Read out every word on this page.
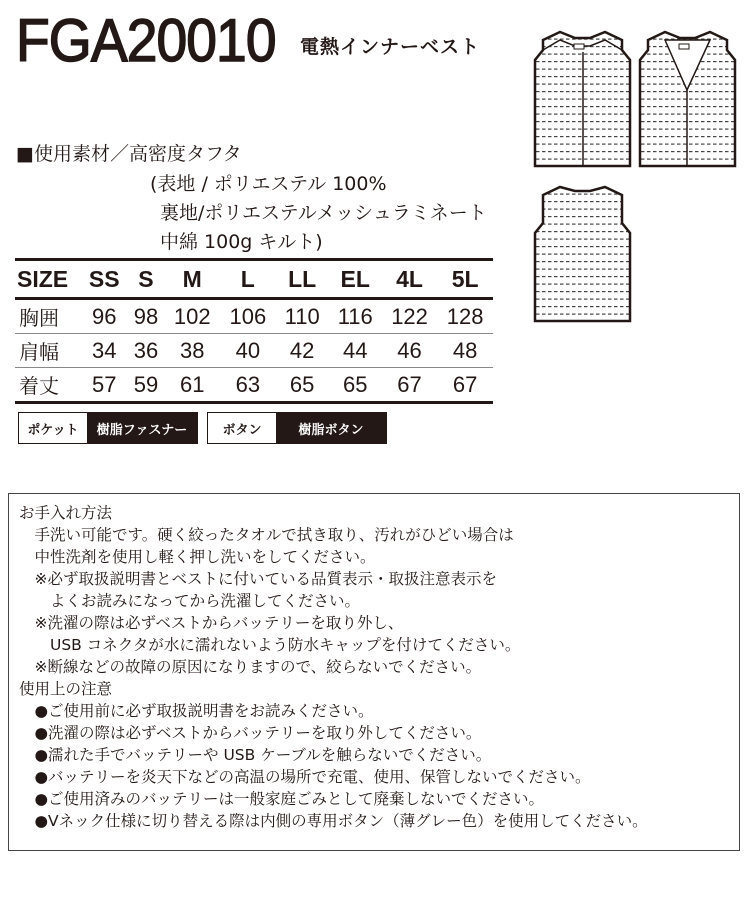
FGA20010 電熱インナーベスト
■使用素材／高密度タフタ
(表地 / ポリエステル 100%
裏地/ポリエステルメッシュラミネート
中綿 100g キルト)
SIZE	SS	S	M	L	LL	EL	4L	5L
胸囲	96	98	102	106	110	116	122	128
肩幅	34	36	38	40	42	44	46	48
着丈	57	59	61	63	65	65	67	67
ポケット	樹脂ファスナー	ボタン	樹脂ボタン
お手入れ方法
　手洗い可能です。硬く絞ったタオルで拭き取り、汚れがひどい場合は
　中性洗剤を使用し軽く押し洗いをしてください。
　※必ず取扱説明書とベストに付いている品質表示・取扱注意表示を
　　よくお読みになってから洗濯してください。
　※洗濯の際は必ずベストからバッテリーを取り外し、
　　USB コネクタが水に濡れないよう防水キャップを付けてください。
　※断線などの故障の原因になりますので、絞らないでください。
使用上の注意
　●ご使用前に必ず取扱説明書をお読みください。
　●洗濯の際は必ずベストからバッテリーを取り外してください。
　●濡れた手でバッテリーや USB ケーブルを触らないでください。
　●バッテリーを炎天下などの高温の場所で充電、使用、保管しないでください。
　●ご使用済みのバッテリーは一般家庭ごみとして廃棄しないでください。
　●Vネック仕様に切り替える際は内側の専用ボタン（薄グレー色）を使用してください。
